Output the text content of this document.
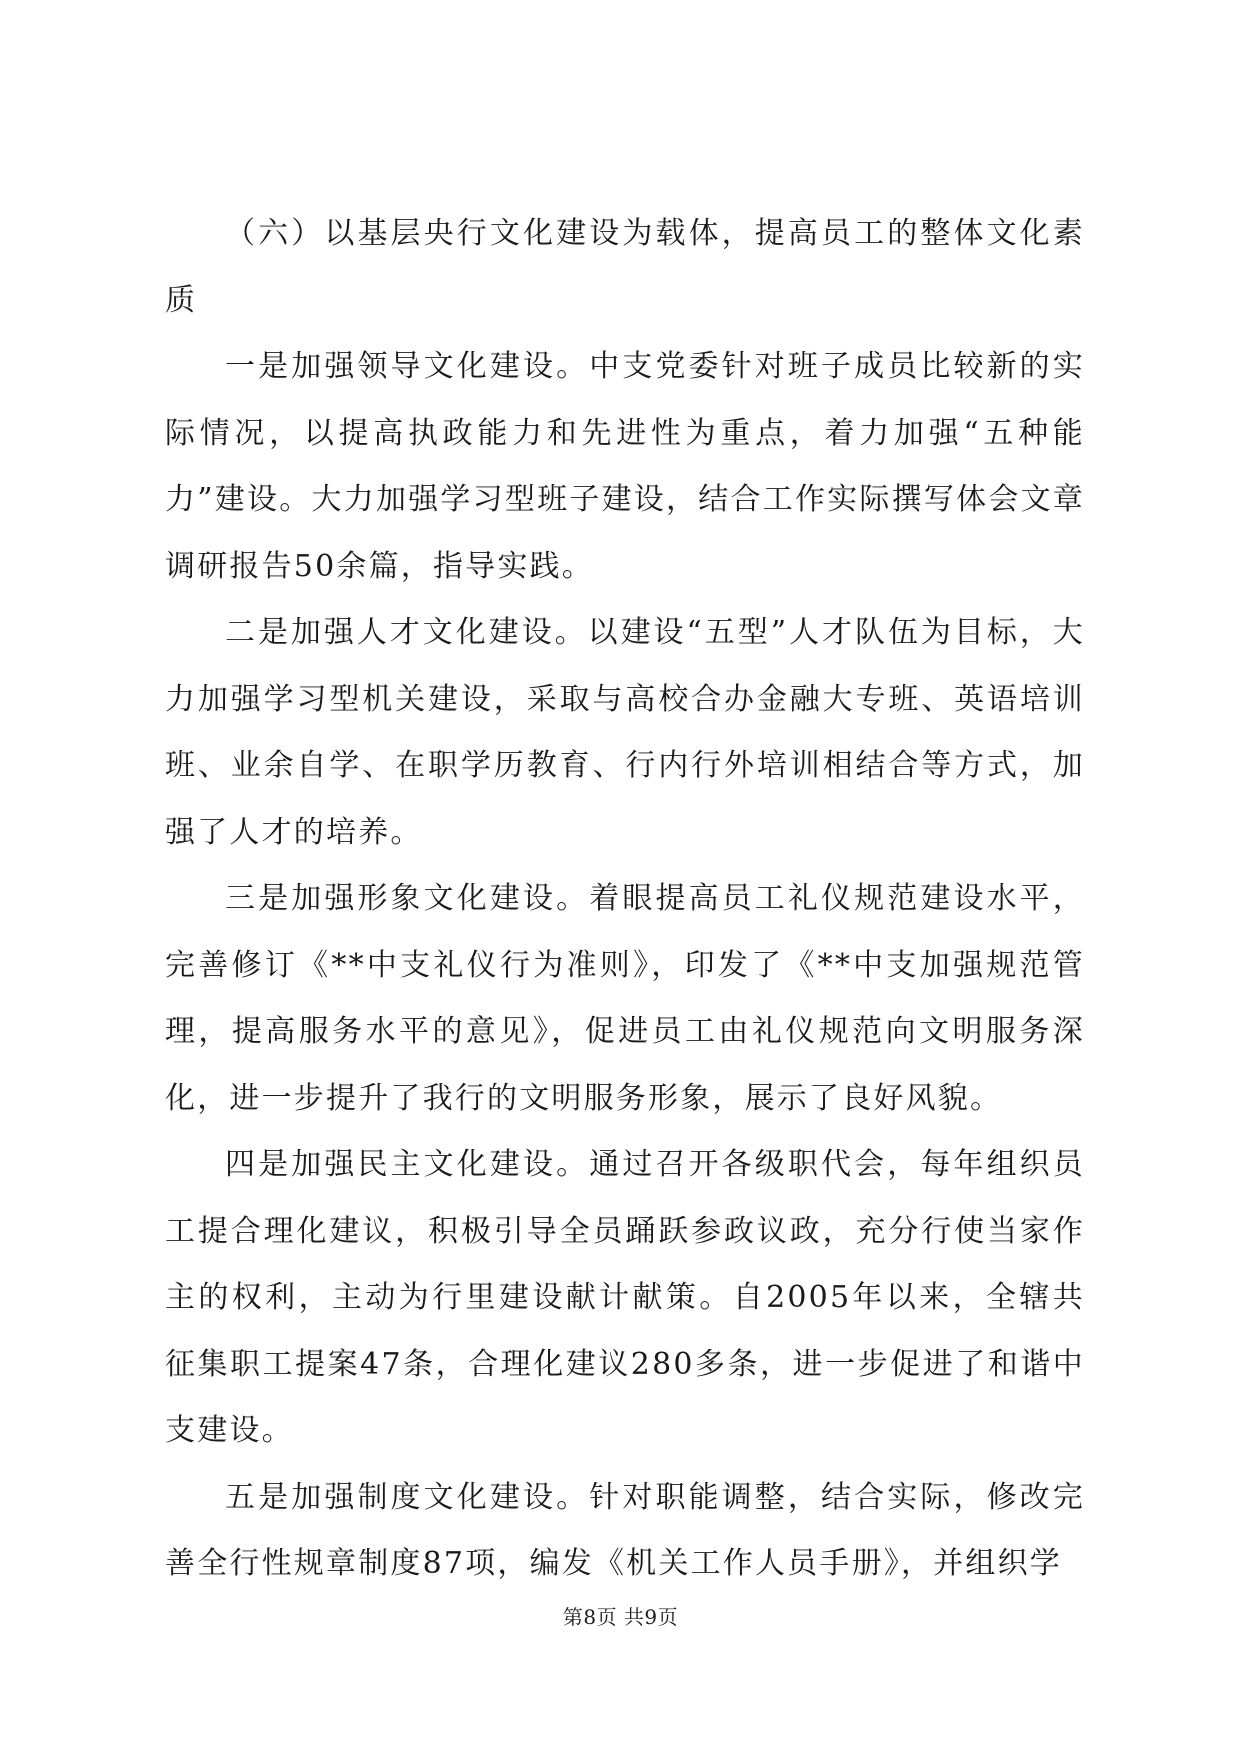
（六）以基层央行文化建设为载体，提高员工的整体文化素质

一是加强领导文化建设。中支党委针对班子成员比较新的实际情况，以提高执政能力和先进性为重点，着力加强“五种能力”建设。大力加强学习型班子建设，结合工作实际撰写体会文章调研报告50余篇，指导实践。

二是加强人才文化建设。以建设“五型”人才队伍为目标，大力加强学习型机关建设，采取与高校合办金融大专班、英语培训班、业余自学、在职学历教育、行内行外培训相结合等方式，加强了人才的培养。

三是加强形象文化建设。着眼提高员工礼仪规范建设水平，完善修订《**中支礼仪行为准则》，印发了《**中支加强规范管理，提高服务水平的意见》，促进员工由礼仪规范向文明服务深化，进一步提升了我行的文明服务形象，展示了良好风貌。

四是加强民主文化建设。通过召开各级职代会，每年组织员工提合理化建议，积极引导全员踊跃参政议政，充分行使当家作主的权利，主动为行里建设献计献策。自2005年以来，全辖共征集职工提案47条，合理化建议280多条，进一步促进了和谐中支建设。

五是加强制度文化建设。针对职能调整，结合实际，修改完善全行性规章制度87项，编发《机关工作人员手册》，并组织学

第8页 共9页
